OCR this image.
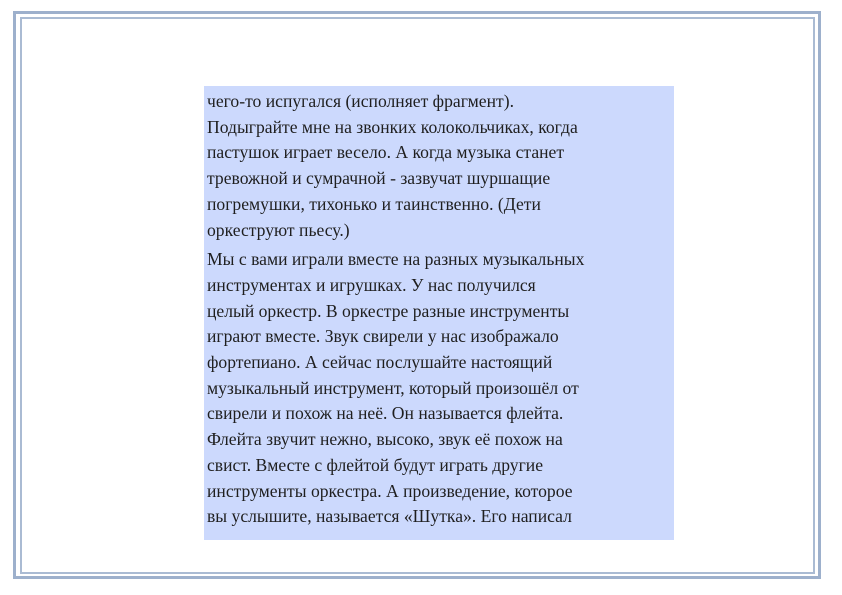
чего-то испугался (исполняет фрагмент).
Подыграйте мне на звонких колокольчиках, когда
пастушок играет весело. А когда музыка станет
тревожной и сумрачной - зазвучат шуршащие
погремушки, тихонько и таинственно. (Дети
оркеструют пьесу.)

Мы с вами играли вместе на разных музыкальных
инструментах и игрушках. У нас получился
целый оркестр. В оркестре разные инструменты
играют вместе. Звук свирели у нас изображало
фортепиано. А сейчас послушайте настоящий
музыкальный инструмент, который произошёл от
свирели и похож на неё. Он называется флейта.
Флейта звучит нежно, высоко, звук её похож на
свист. Вместе с флейтой будут играть другие
инструменты оркестра. А произведение, которое
вы услышите, называется «Шутка». Его написал
